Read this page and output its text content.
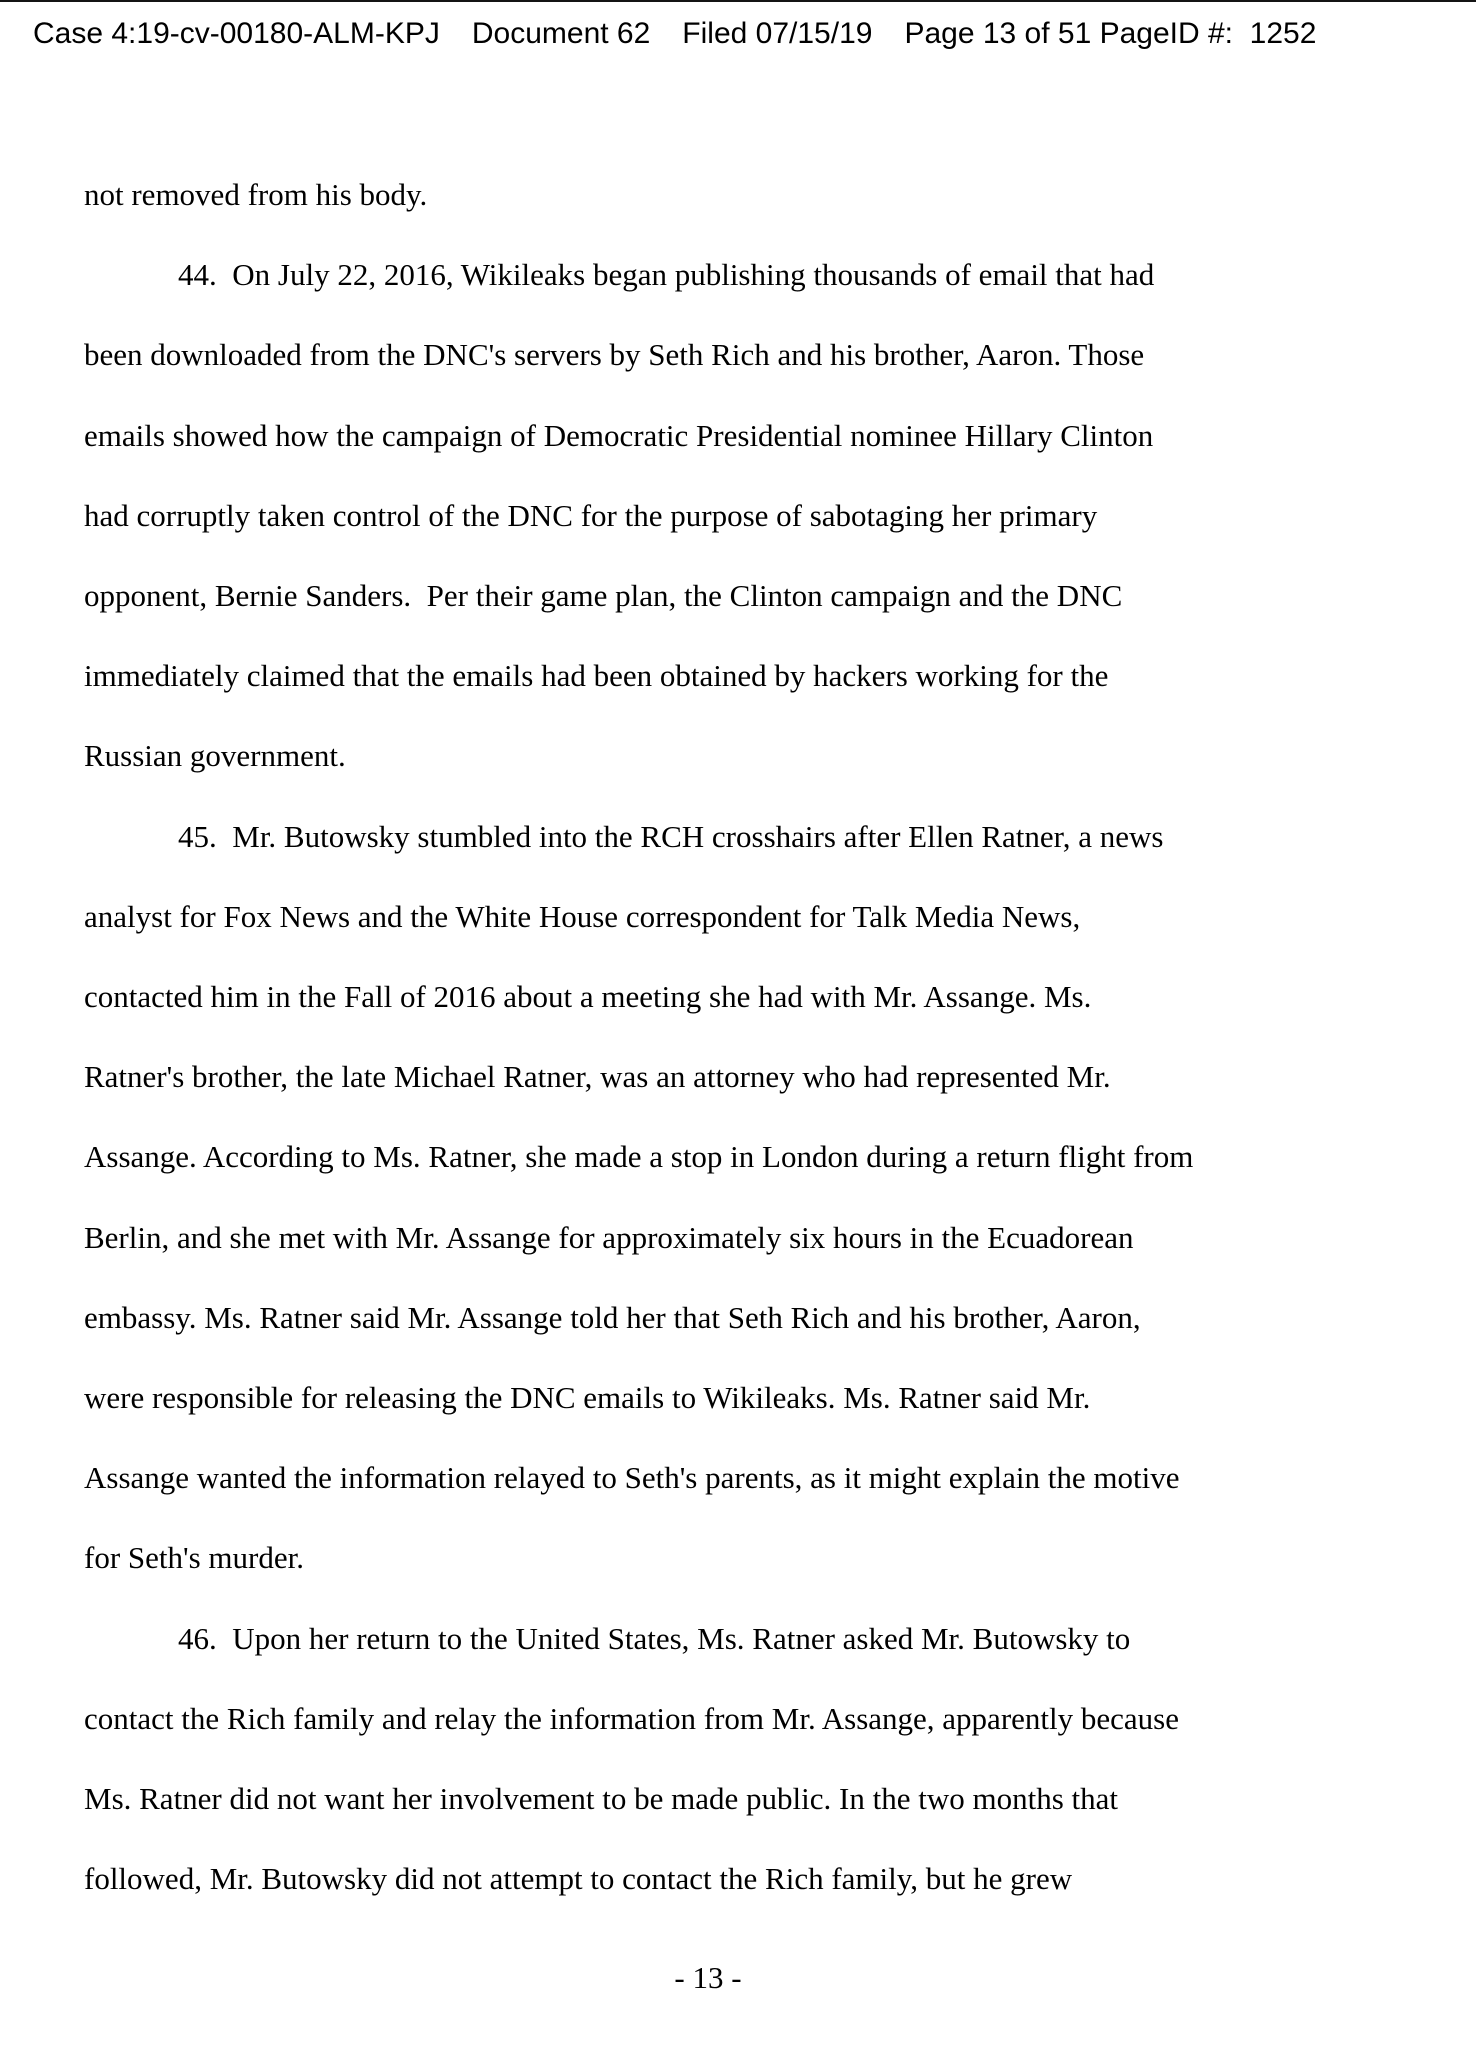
Case 4:19-cv-00180-ALM-KPJ Document 62 Filed 07/15/19 Page 13 of 51 PageID #:  1252
not removed from his body.
44.  On July 22, 2016, Wikileaks began publishing thousands of email that had
been downloaded from the DNC's servers by Seth Rich and his brother, Aaron. Those
emails showed how the campaign of Democratic Presidential nominee Hillary Clinton
had corruptly taken control of the DNC for the purpose of sabotaging her primary
opponent, Bernie Sanders.  Per their game plan, the Clinton campaign and the DNC
immediately claimed that the emails had been obtained by hackers working for the
Russian government.
45.  Mr. Butowsky stumbled into the RCH crosshairs after Ellen Ratner, a news
analyst for Fox News and the White House correspondent for Talk Media News,
contacted him in the Fall of 2016 about a meeting she had with Mr. Assange. Ms.
Ratner's brother, the late Michael Ratner, was an attorney who had represented Mr.
Assange. According to Ms. Ratner, she made a stop in London during a return flight from
Berlin, and she met with Mr. Assange for approximately six hours in the Ecuadorean
embassy. Ms. Ratner said Mr. Assange told her that Seth Rich and his brother, Aaron,
were responsible for releasing the DNC emails to Wikileaks. Ms. Ratner said Mr.
Assange wanted the information relayed to Seth's parents, as it might explain the motive
for Seth's murder.
46.  Upon her return to the United States, Ms. Ratner asked Mr. Butowsky to
contact the Rich family and relay the information from Mr. Assange, apparently because
Ms. Ratner did not want her involvement to be made public. In the two months that
followed, Mr. Butowsky did not attempt to contact the Rich family, but he grew
- 13 -
